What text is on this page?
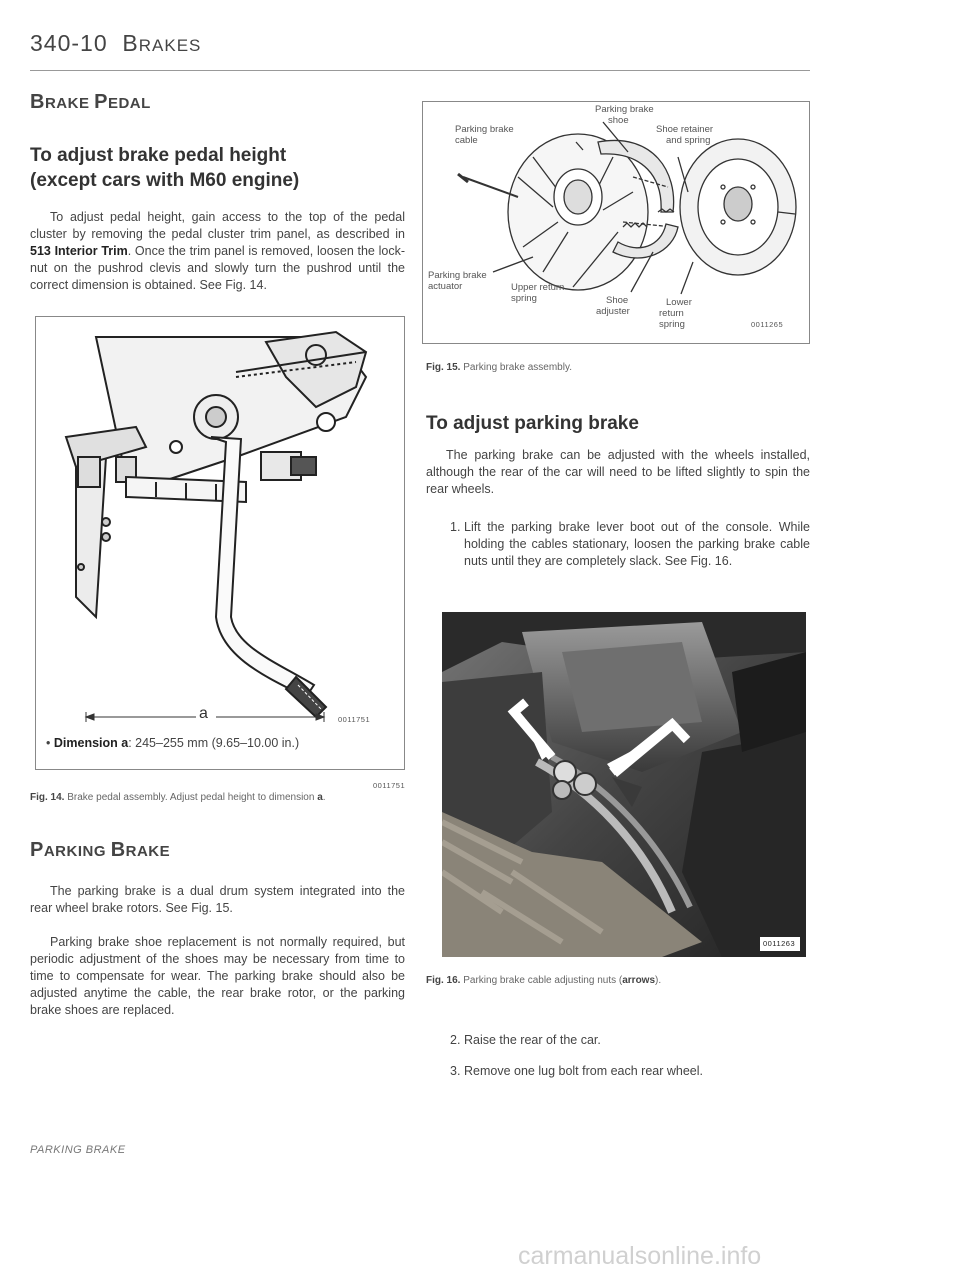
340-10 BRAKES
BRAKE PEDAL
To adjust brake pedal height
(except cars with M60 engine)
To adjust pedal height, gain access to the top of the pedal cluster by removing the pedal cluster trim panel, as described in 513 Interior Trim. Once the trim panel is removed, loosen the lock-nut on the pushrod clevis and slowly turn the pushrod until the correct dimension is obtained. See Fig. 14.
a	0011751
• Dimension a: 245–255 mm (9.65–10.00 in.)
0011751
Fig. 14. Brake pedal assembly. Adjust pedal height to dimension a.
PARKING BRAKE
The parking brake is a dual drum system integrated into the rear wheel brake rotors. See Fig. 15.
Parking brake shoe replacement is not normally required, but periodic adjustment of the shoes may be necessary from time to time to compensate for wear. The parking brake should also be adjusted anytime the cable, the rear brake rotor, or the parking brake shoes are replaced.
Parking brake
shoe
Parking brake
cable
Shoe retainer
and spring
Parking brake
actuator	Upper return
spring	Shoe
adjuster
Lower
return
spring	0011265
Fig. 15. Parking brake assembly.
To adjust parking brake
The parking brake can be adjusted with the wheels installed, although the rear of the car will need to be lifted slightly to spin the rear wheels.
1. Lift the parking brake lever boot out of the console. While holding the cables stationary, loosen the parking brake cable nuts until they are completely slack. See Fig. 16.
0011263
Fig. 16. Parking brake cable adjusting nuts (arrows).
2. Raise the rear of the car.
3. Remove one lug bolt from each rear wheel.
PARKING BRAKE
carmanualsonline.info
